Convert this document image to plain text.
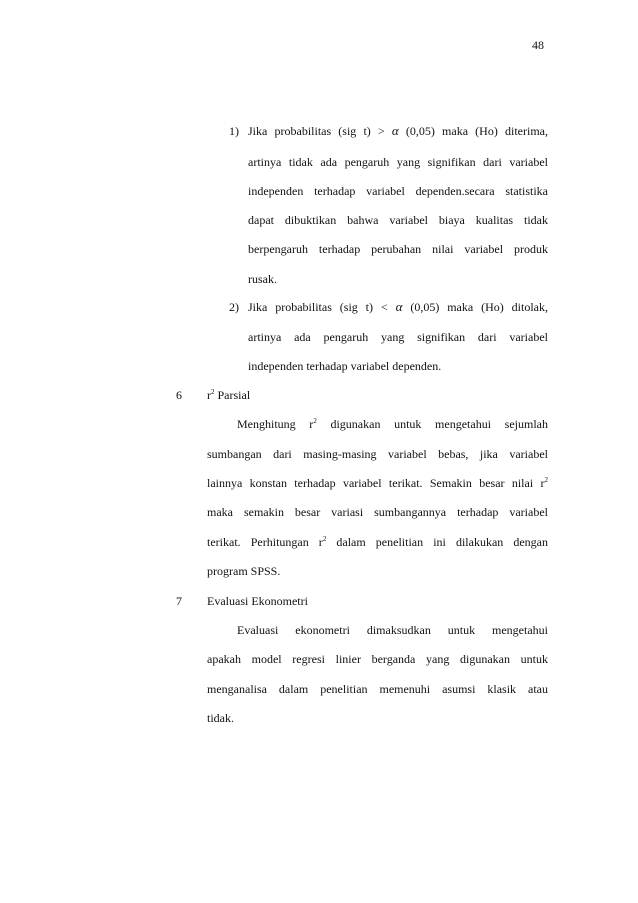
48
1) Jika probabilitas (sig t) > α (0,05) maka (Ho) diterima,
artinya tidak ada pengaruh yang signifikan dari variabel
independen terhadap variabel dependen.secara statistika
dapat dibuktikan bahwa variabel biaya kualitas tidak
berpengaruh terhadap perubahan nilai variabel produk
rusak.
2) Jika probabilitas (sig t) < α (0,05) maka (Ho) ditolak,
artinya ada pengaruh yang signifikan dari variabel
independen terhadap variabel dependen.
6 $r^2$ Parsial
Menghitung $r^2$ digunakan untuk mengetahui sejumlah
sumbangan dari masing-masing variabel bebas, jika variabel
lainnya konstan terhadap variabel terikat. Semakin besar nilai $r^2$
maka semakin besar variasi sumbangannya terhadap variabel
terikat. Perhitungan $r^2$ dalam penelitian ini dilakukan dengan
program SPSS.
7 Evaluasi Ekonometri
Evaluasi ekonometri dimaksudkan untuk mengetahui
apakah model regresi linier berganda yang digunakan untuk
menganalisa dalam penelitian memenuhi asumsi klasik atau
tidak.
